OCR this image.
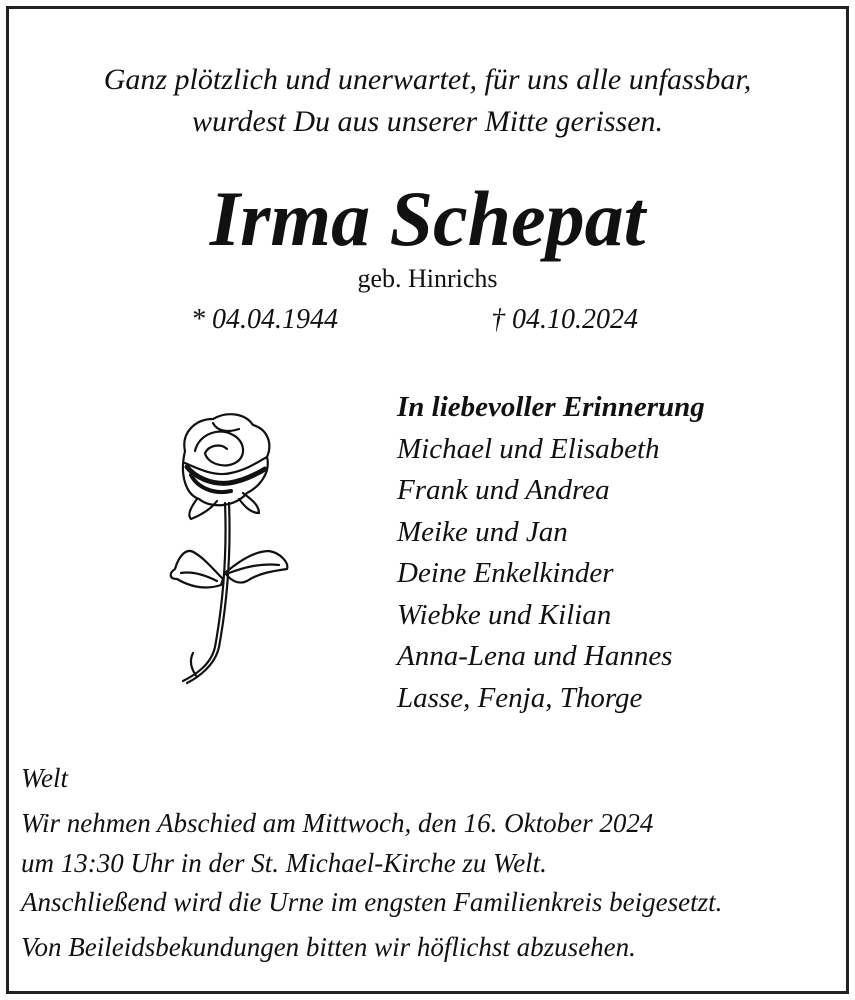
Ganz plötzlich und unerwartet, für uns alle unfassbar,
wurdest Du aus unserer Mitte gerissen.
Irma Schepat
geb. Hinrichs
* 04.04.1944	† 04.10.2024
In liebevoller Erinnerung
Michael und Elisabeth
Frank und Andrea
Meike und Jan
Deine Enkelkinder
Wiebke und Kilian
Anna-Lena und Hannes
Lasse, Fenja, Thorge
Welt
Wir nehmen Abschied am Mittwoch, den 16. Oktober 2024
um 13:30 Uhr in der St. Michael-Kirche zu Welt.
Anschließend wird die Urne im engsten Familienkreis beigesetzt.
Von Beileidsbekundungen bitten wir höflichst abzusehen.
